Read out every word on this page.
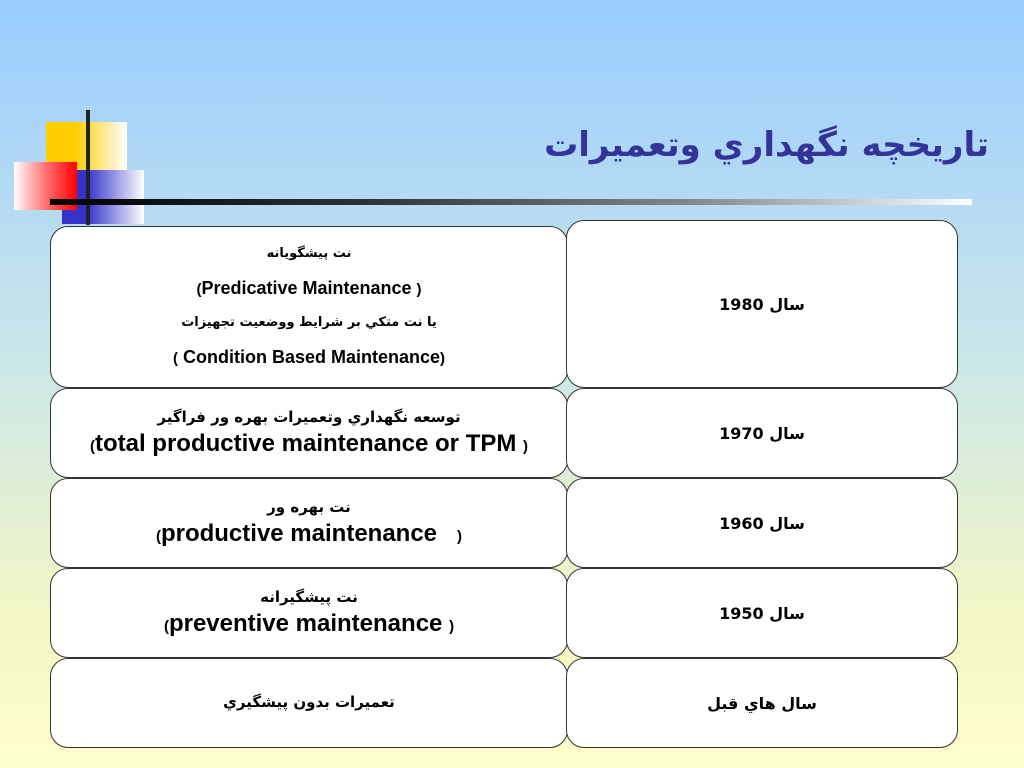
تاريخچه نگهداري وتعميرات
نت پیشگویانه
(Predicative Maintenance )
یا نت متكي بر شرايط ووضعيت تجهيزات
( Condition Based Maintenance)
سال 1980
توسعه نگهداري وتعميرات بهره ور فراگیر
(total productive maintenance or TPM )
سال 1970
نت بهره ور
(productive maintenance )
سال 1960
نت پیشگیرانه
(preventive maintenance )
سال 1950
تعميرات بدون پيشگيري	سال هاي قبل
